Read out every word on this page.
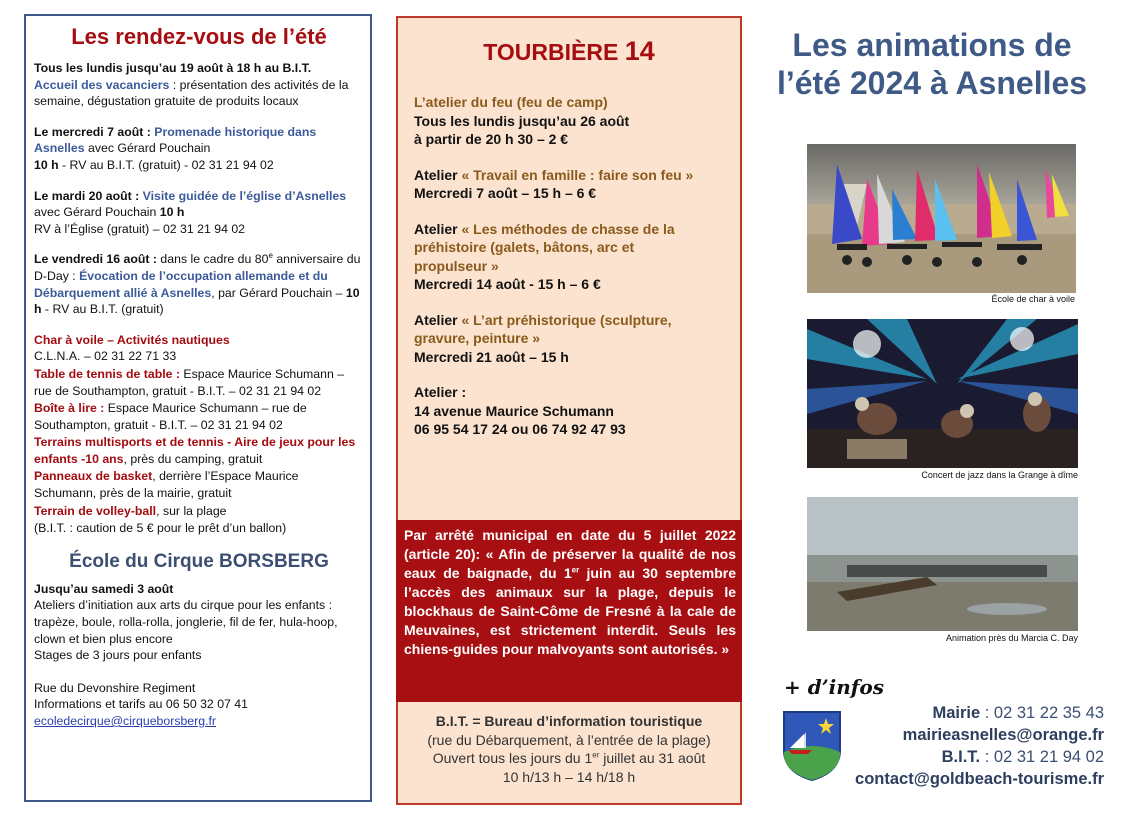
Les rendez-vous de l’été

Tous les lundis jusqu’au 19 août à 18 h au B.I.T.
Accueil des vacanciers : présentation des activités de la semaine, dégustation gratuite de produits locaux

Le mercredi 7 août : Promenade historique dans Asnelles avec Gérard Pouchain
10 h - RV au B.I.T. (gratuit) - 02 31 21 94 02

Le mardi 20 août : Visite guidée de l’église d’Asnelles avec Gérard Pouchain 10 h
RV à l’Église (gratuit) – 02 31 21 94 02

Le vendredi 16 août : dans le cadre du 80e anniversaire du D-Day : Évocation de l’occupation allemande et du Débarquement allié à Asnelles, par Gérard Pouchain – 10 h - RV au B.I.T. (gratuit)

Char à voile – Activités nautiques
C.L.N.A. – 02 31 22 71 33

Table de tennis de table : Espace Maurice Schumann – rue de Southampton, gratuit - B.I.T. – 02 31 21 94 02

Boîte à lire : Espace Maurice Schumann – rue de Southampton, gratuit - B.I.T. – 02 31 21 94 02

Terrains multisports et de tennis - Aire de jeux pour les enfants -10 ans, près du camping, gratuit

Panneaux de basket, derrière l’Espace Maurice Schumann, près de la mairie, gratuit

Terrain de volley-ball, sur la plage

(B.I.T. : caution de 5 € pour le prêt d’un ballon)

École du Cirque BORSBERG

Jusqu’au samedi 3 août
Ateliers d’initiation aux arts du cirque pour les enfants : trapèze, boule, rolla-rolla, jonglerie, fil de fer, hula-hoop, clown et bien plus encore
Stages de 3 jours pour enfants

Rue du Devonshire Regiment
Informations et tarifs au 06 50 32 07 41
ecoledecirque@cirqueborsberg.fr

TOURBIÈRE 14
L’atelier du feu (feu de camp)
Tous les lundis jusqu’au 26 août
à partir de 20 h 30 – 2 €
Atelier « Travail en famille : faire son feu »
Mercredi 7 août – 15 h – 6 €
Atelier « Les méthodes de chasse de la préhistoire (galets, bâtons, arc et propulseur »
Mercredi 14 août - 15 h – 6 €
Atelier « L’art préhistorique (sculpture, gravure, peinture »
Mercredi 21 août – 15 h
Atelier :
14 avenue Maurice Schumann
06 95 54 17 24 ou 06 74 92 47 93
Par arrêté municipal en date du 5 juillet 2022 (article 20): « Afin de préserver la qualité de nos eaux de baignade, du 1er juin au 30 septembre l’accès des animaux sur la plage, depuis le blockhaus de Saint-Côme de Fresné à la cale de Meuvaines, est strictement interdit. Seuls les chiens-guides pour malvoyants sont autorisés. »
B.I.T. = Bureau d’information touristique
(rue du Débarquement, à l’entrée de la plage)
Ouvert tous les jours du 1er juillet au 31 août
10 h/13 h – 14 h/18 h
Les animations de
l’été 2024 à Asnelles
École de char à voile
Concert de jazz dans la Grange à dîme
Animation près du Marcia C. Day
+ d’infos
Mairie : 02 31 22 35 43
mairieasnelles@orange.fr
B.I.T. : 02 31 21 94 02
contact@goldbeach-tourisme.fr
